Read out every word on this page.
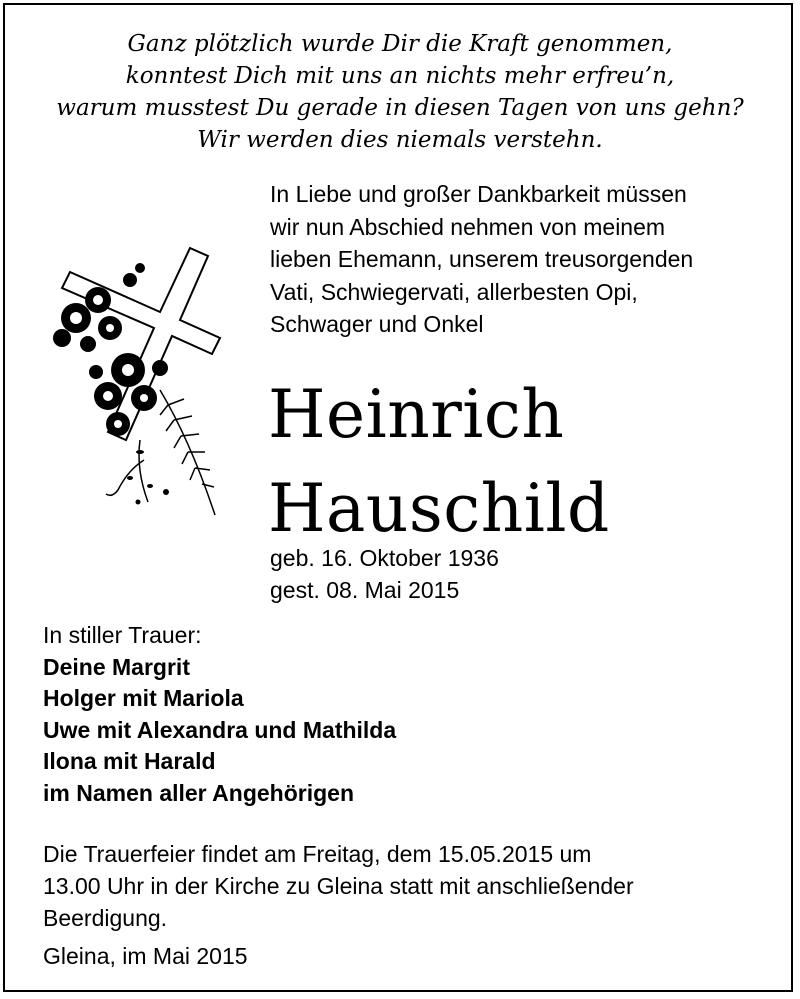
Ganz plötzlich wurde Dir die Kraft genommen,
konntest Dich mit uns an nichts mehr erfreu’n,
warum musstest Du gerade in diesen Tagen von uns gehn?
Wir werden dies niemals verstehn.
In Liebe und großer Dankbarkeit müssen
wir nun Abschied nehmen von meinem
lieben Ehemann, unserem treusorgenden
Vati, Schwiegervati, allerbesten Opi,
Schwager und Onkel
Heinrich
Hauschild
geb. 16. Oktober 1936
gest. 08. Mai 2015
In stiller Trauer:
Deine Margrit
Holger mit Mariola
Uwe mit Alexandra und Mathilda
Ilona mit Harald
im Namen aller Angehörigen
Die Trauerfeier findet am Freitag, dem 15.05.2015 um
13.00 Uhr in der Kirche zu Gleina statt mit anschließender
Beerdigung.
Gleina, im Mai 2015
